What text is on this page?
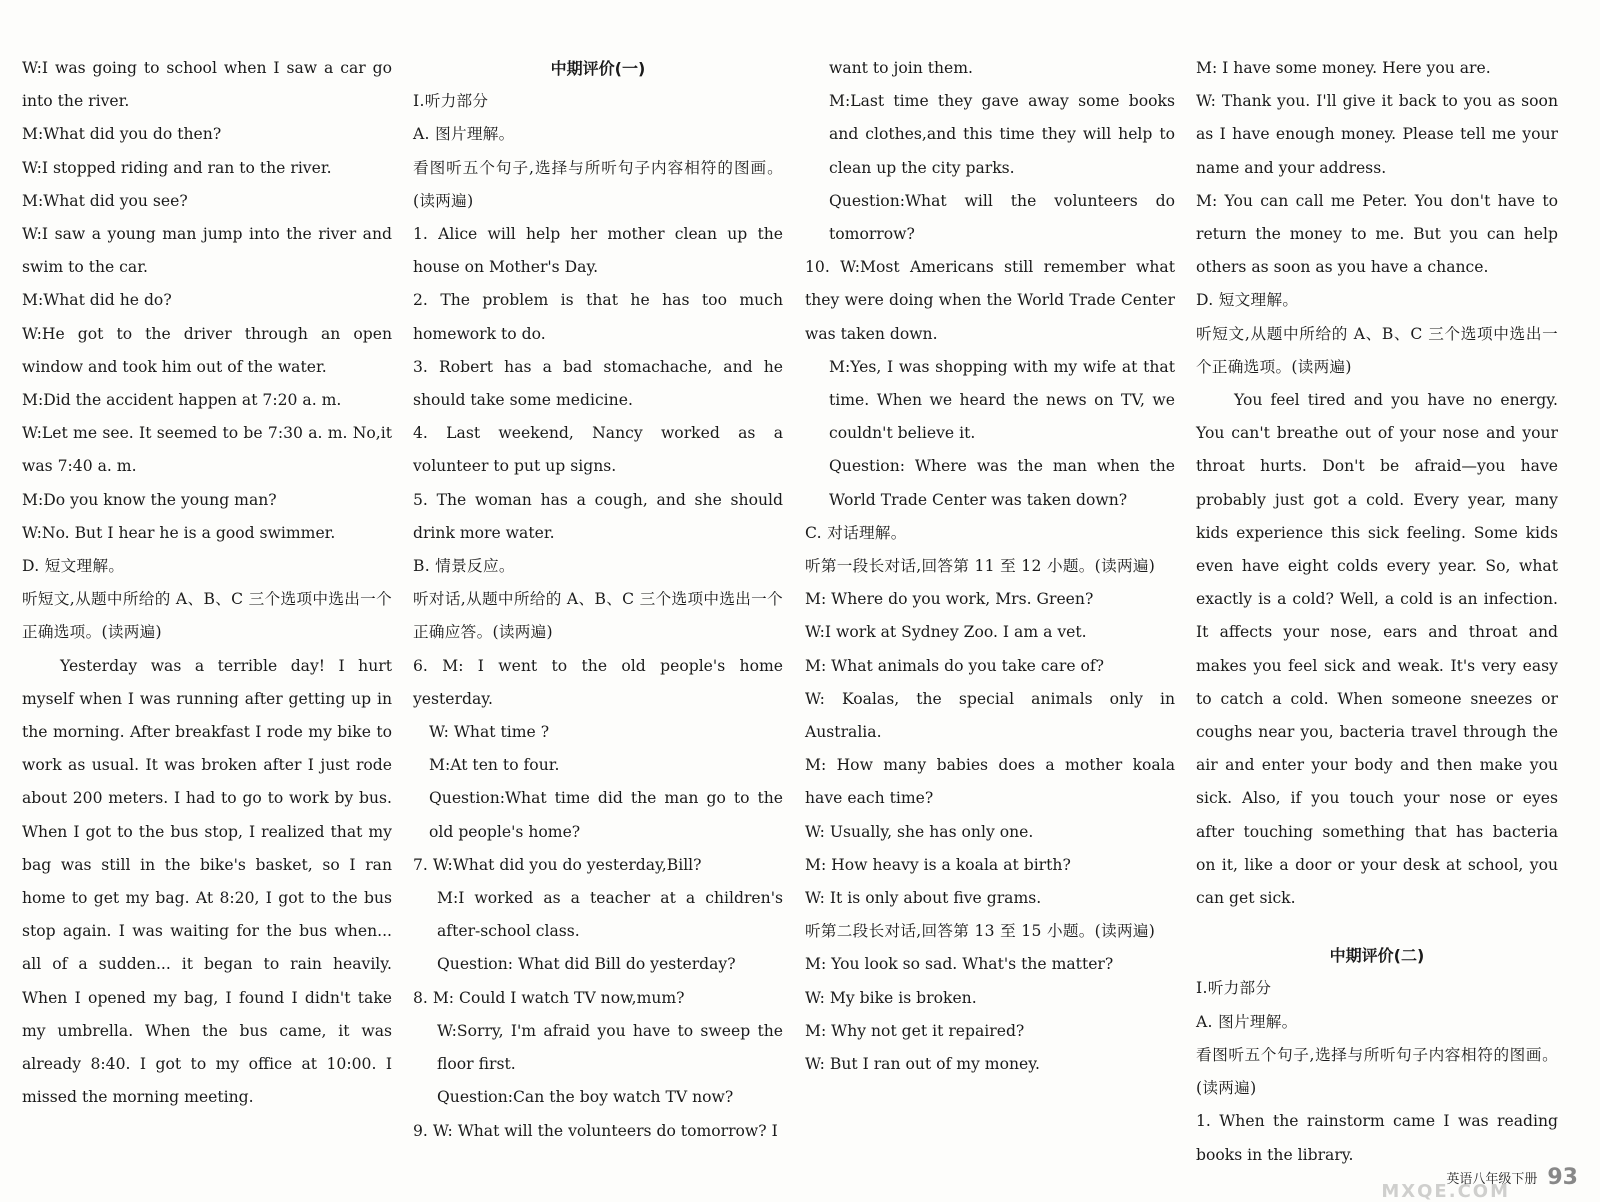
W:I was going to school when I saw a car go into the river.

M:What did you do then?

W:I stopped riding and ran to the river.

M:What did you see?

W:I saw a young man jump into the river and swim to the car.

M:What did he do?

W:He got to the driver through an open window and took him out of the water.

M:Did the accident happen at 7:20 a. m.

W:Let me see. It seemed to be 7:30 a. m. No,it was 7:40 a. m.

M:Do you know the young man?

W:No. But I hear he is a good swimmer.

D. 短文理解。

听短文,从题中所给的 A、B、C 三个选项中选出一个正确选项。(读两遍)

Yesterday was a terrible day! I hurt myself when I was running after getting up in the morning. After breakfast I rode my bike to work as usual. It was broken after I just rode about 200 meters. I had to go to work by bus. When I got to the bus stop, I realized that my bag was still in the bike's basket, so I ran home to get my bag. At 8:20, I got to the bus stop again. I was waiting for the bus when... all of a sudden... it began to rain heavily. When I opened my bag, I found I didn't take my umbrella. When the bus came, it was already 8:40. I got to my office at 10:00. I missed the morning meeting.

中期评价(一)

Ⅰ.听力部分

A. 图片理解。

看图听五个句子,选择与所听句子内容相符的图画。(读两遍)

1. Alice will help her mother clean up the house on Mother's Day.

2. The problem is that he has too much homework to do.

3. Robert has a bad stomachache, and he should take some medicine.

4. Last weekend, Nancy worked as a volunteer to put up signs.

5. The woman has a cough, and she should drink more water.

B. 情景反应。

听对话,从题中所给的 A、B、C 三个选项中选出一个正确应答。(读两遍)

6. M: I went to the old people's home yesterday.

W: What time ?

M:At ten to four.

Question:What time did the man go to the old people's home?

7. W:What did you do yesterday,Bill?

M:I worked as a teacher at a children's after-school class.

Question: What did Bill do yesterday?

8. M: Could I watch TV now,mum?

W:Sorry, I'm afraid you have to sweep the floor first.

Question:Can the boy watch TV now?

9. W: What will the volunteers do tomorrow? I

want to join them.

M:Last time they gave away some books and clothes,and this time they will help to clean up the city parks.

Question:What will the volunteers do tomorrow?

10. W:Most Americans still remember what they were doing when the World Trade Center was taken down.

M:Yes, I was shopping with my wife at that time. When we heard the news on TV, we couldn't believe it.

Question: Where was the man when the World Trade Center was taken down?

C. 对话理解。

听第一段长对话,回答第 11 至 12 小题。(读两遍)

M: Where do you work, Mrs. Green?

W:I work at Sydney Zoo. I am a vet.

M: What animals do you take care of?

W: Koalas, the special animals only in Australia.

M: How many babies does a mother koala have each time?

W: Usually, she has only one.

M: How heavy is a koala at birth?

W: It is only about five grams.

听第二段长对话,回答第 13 至 15 小题。(读两遍)

M: You look so sad. What's the matter?

W: My bike is broken.

M: Why not get it repaired?

W: But I ran out of my money.

M: I have some money. Here you are.

W: Thank you. I'll give it back to you as soon as I have enough money. Please tell me your name and your address.

M: You can call me Peter. You don't have to return the money to me. But you can help others as soon as you have a chance.

D. 短文理解。

听短文,从题中所给的 A、B、C 三个选项中选出一个正确选项。(读两遍)

You feel tired and you have no energy. You can't breathe out of your nose and your throat hurts. Don't be afraid—you have probably just got a cold. Every year, many kids experience this sick feeling. Some kids even have eight colds every year. So, what exactly is a cold? Well, a cold is an infection. It affects your nose, ears and throat and makes you feel sick and weak. It's very easy to catch a cold. When someone sneezes or coughs near you, bacteria travel through the air and enter your body and then make you sick. Also, if you touch your nose or eyes after touching something that has bacteria on it, like a door or your desk at school, you can get sick.

中期评价(二)

Ⅰ.听力部分

A. 图片理解。

看图听五个句子,选择与所听句子内容相符的图画。(读两遍)

1. When the rainstorm came I was reading books in the library.

英语八年级下册 93
MXQE.COM
